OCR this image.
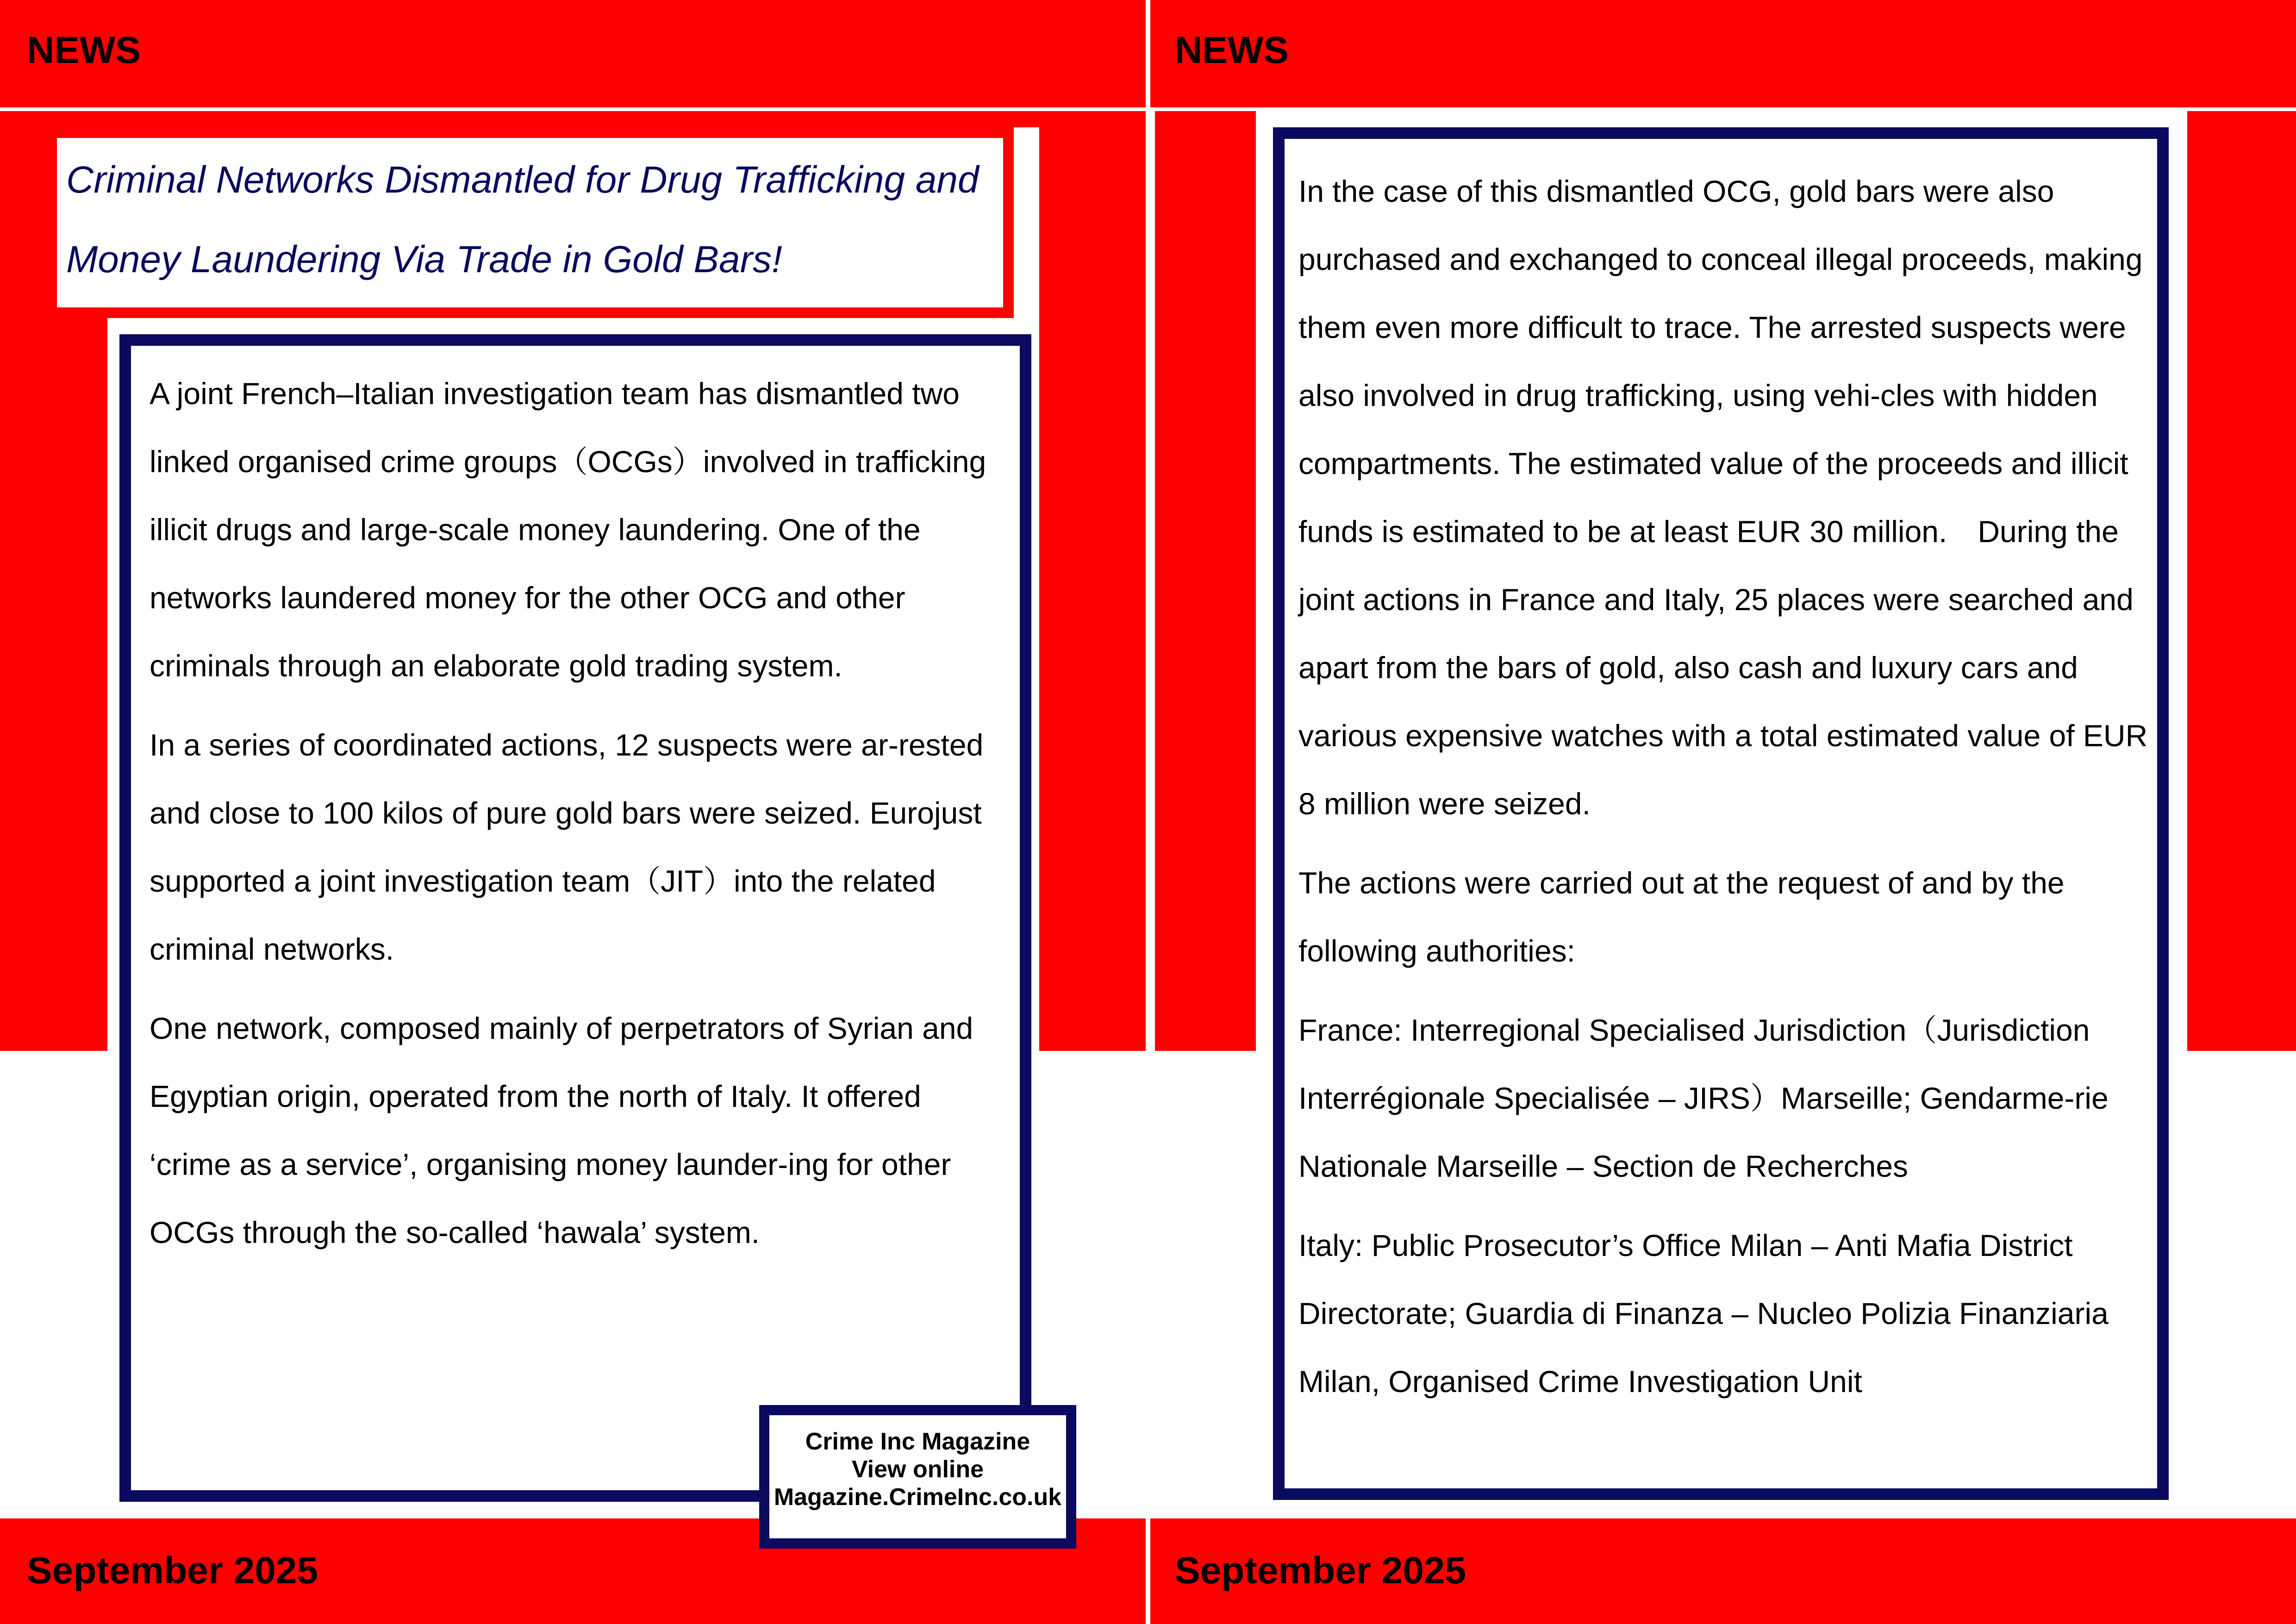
NEWS

Criminal Networks Dismantled for Drug Trafficking and Money Laundering Via Trade in Gold Bars!

A joint French–Italian investigation team has dismantled two linked organised crime groups（OCGs）involved in trafficking illicit drugs and large-scale money laundering. One of the networks laundered money for the other OCG and other criminals through an elaborate gold trading system.

In a series of coordinated actions, 12 suspects were ar-rested and close to 100 kilos of pure gold bars were seized. Eurojust supported a joint investigation team（JIT）into the related criminal networks.

One network, composed mainly of perpetrators of Syrian and Egyptian origin, operated from the north of Italy. It offered ‘crime as a service’, organising money launder-ing for other OCGs through the so-called ‘hawala’ system.

September 2025
Crime Inc Magazine
View online
Magazine.CrimeInc.co.uk
NEWS

In the case of this dismantled OCG, gold bars were also purchased and exchanged to conceal illegal proceeds, making them even more difficult to trace. The arrested suspects were also involved in drug trafficking, using vehi-cles with hidden compartments. The estimated value of the proceeds and illicit funds is estimated to be at least EUR 30 million.　During the joint actions in France and Italy, 25 places were searched and apart from the bars of gold, also cash and luxury cars and various expensive watches with a total estimated value of EUR 8 million were seized.

The actions were carried out at the request of and by the following authorities:

France: Interregional Specialised Jurisdiction（Jurisdiction Interrégionale Specialisée – JIRS）Marseille; Gendarme-rie Nationale Marseille – Section de Recherches

Italy: Public Prosecutor’s Office Milan – Anti Mafia District Directorate; Guardia di Finanza – Nucleo Polizia Finanziaria Milan, Organised Crime Investigation Unit

September 2025
